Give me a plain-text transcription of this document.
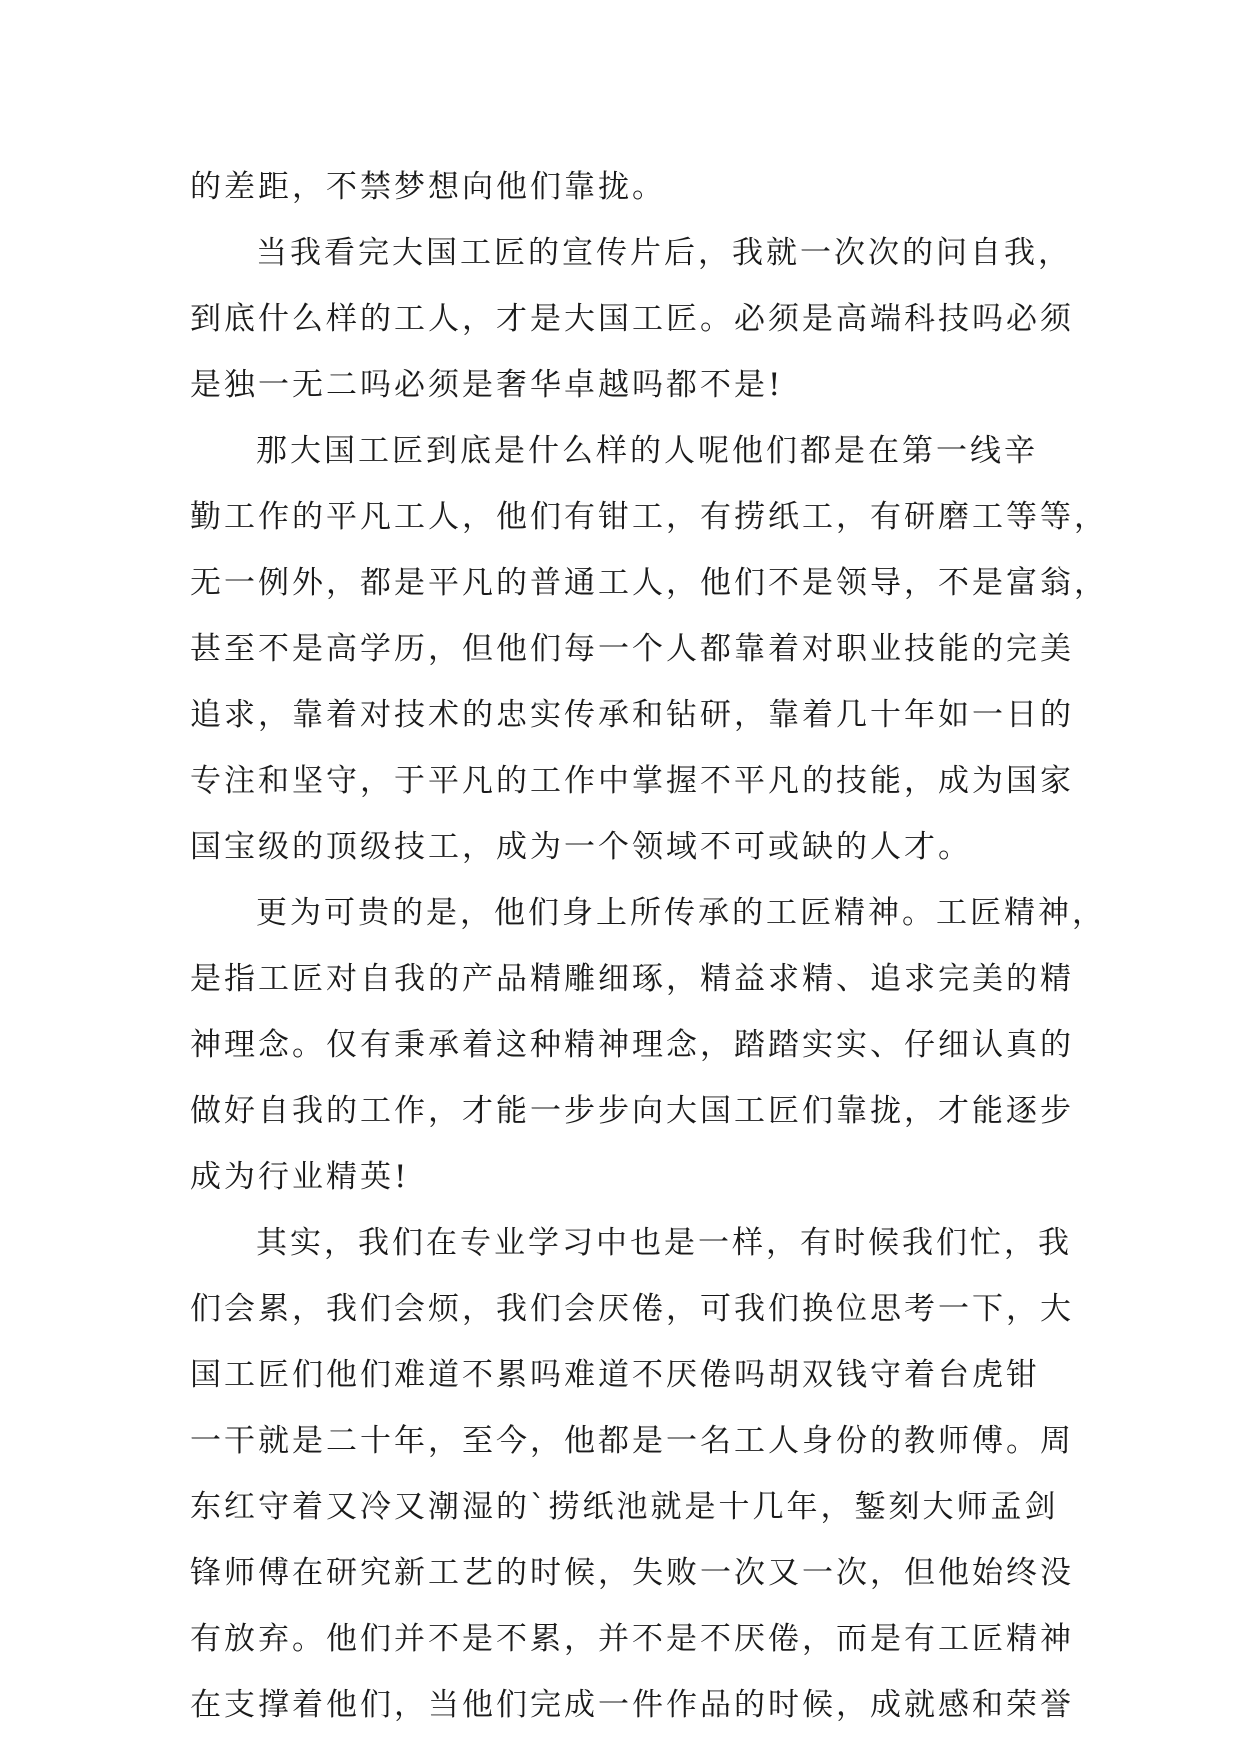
的差距，不禁梦想向他们靠拢。
当我看完大国工匠的宣传片后，我就一次次的问自我，
到底什么样的工人，才是大国工匠。必须是高端科技吗必须
是独一无二吗必须是奢华卓越吗都不是!
那大国工匠到底是什么样的人呢他们都是在第一线辛
勤工作的平凡工人，他们有钳工，有捞纸工，有研磨工等等，
无一例外，都是平凡的普通工人，他们不是领导，不是富翁，
甚至不是高学历，但他们每一个人都靠着对职业技能的完美
追求，靠着对技术的忠实传承和钻研，靠着几十年如一日的
专注和坚守，于平凡的工作中掌握不平凡的技能，成为国家
国宝级的顶级技工，成为一个领域不可或缺的人才。
更为可贵的是，他们身上所传承的工匠精神。工匠精神，
是指工匠对自我的产品精雕细琢，精益求精、追求完美的精
神理念。仅有秉承着这种精神理念，踏踏实实、仔细认真的
做好自我的工作，才能一步步向大国工匠们靠拢，才能逐步
成为行业精英!
其实，我们在专业学习中也是一样，有时候我们忙，我
们会累，我们会烦，我们会厌倦，可我们换位思考一下，大
国工匠们他们难道不累吗难道不厌倦吗胡双钱守着台虎钳
一干就是二十年，至今，他都是一名工人身份的教师傅。周
东红守着又冷又潮湿的`捞纸池就是十几年，錾刻大师孟剑
锋师傅在研究新工艺的时候，失败一次又一次，但他始终没
有放弃。他们并不是不累，并不是不厌倦，而是有工匠精神
在支撑着他们，当他们完成一件作品的时候，成就感和荣誉
